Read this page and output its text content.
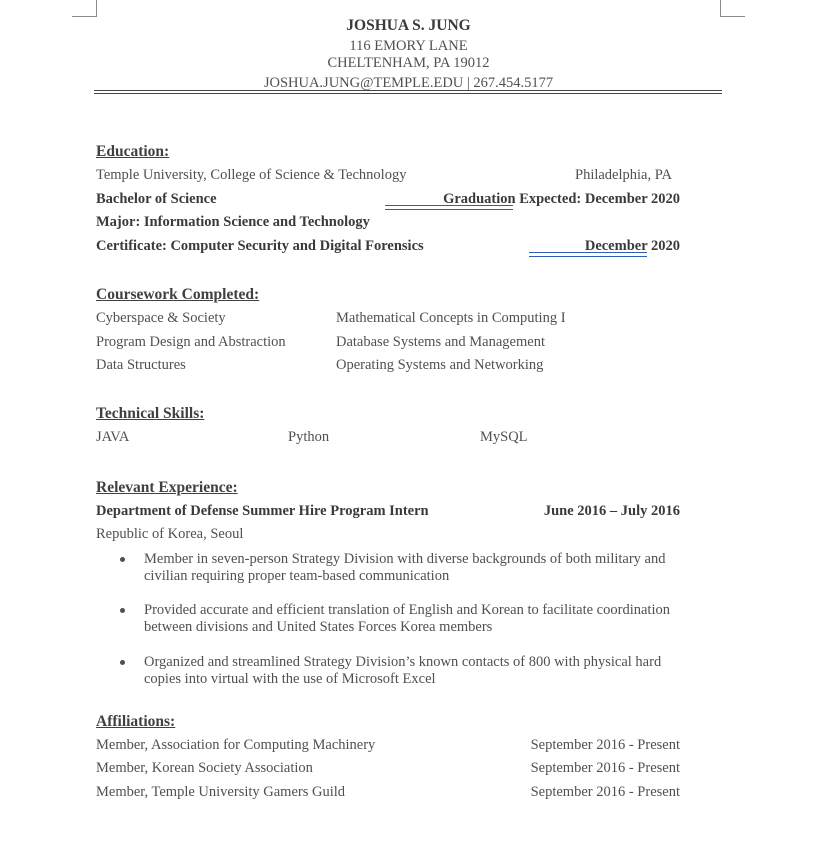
JOSHUA S. JUNG
116 EMORY LANE
CHELTENHAM, PA 19012
JOSHUA.JUNG@TEMPLE.EDU | 267.454.5177
Education:
Temple University, College of Science & Technology	Philadelphia, PA
Bachelor of Science	Graduation Expected: December 2020
Major: Information Science and Technology
Certificate: Computer Security and Digital Forensics	December 2020
Coursework Completed:
Cyberspace & Society	Mathematical Concepts in Computing I
Program Design and Abstraction	Database Systems and Management
Data Structures	Operating Systems and Networking
Technical Skills:
JAVA	Python	MySQL
Relevant Experience:
Department of Defense Summer Hire Program Intern	June 2016 – July 2016
Republic of Korea, Seoul
Member in seven-person Strategy Division with diverse backgrounds of both military and civilian requiring proper team-based communication
Provided accurate and efficient translation of English and Korean to facilitate coordination between divisions and United States Forces Korea members
Organized and streamlined Strategy Division’s known contacts of 800 with physical hard copies into virtual with the use of Microsoft Excel
Affiliations:
Member, Association for Computing Machinery	September 2016 - Present
Member, Korean Society Association	September 2016 - Present
Member, Temple University Gamers Guild	September 2016 - Present
